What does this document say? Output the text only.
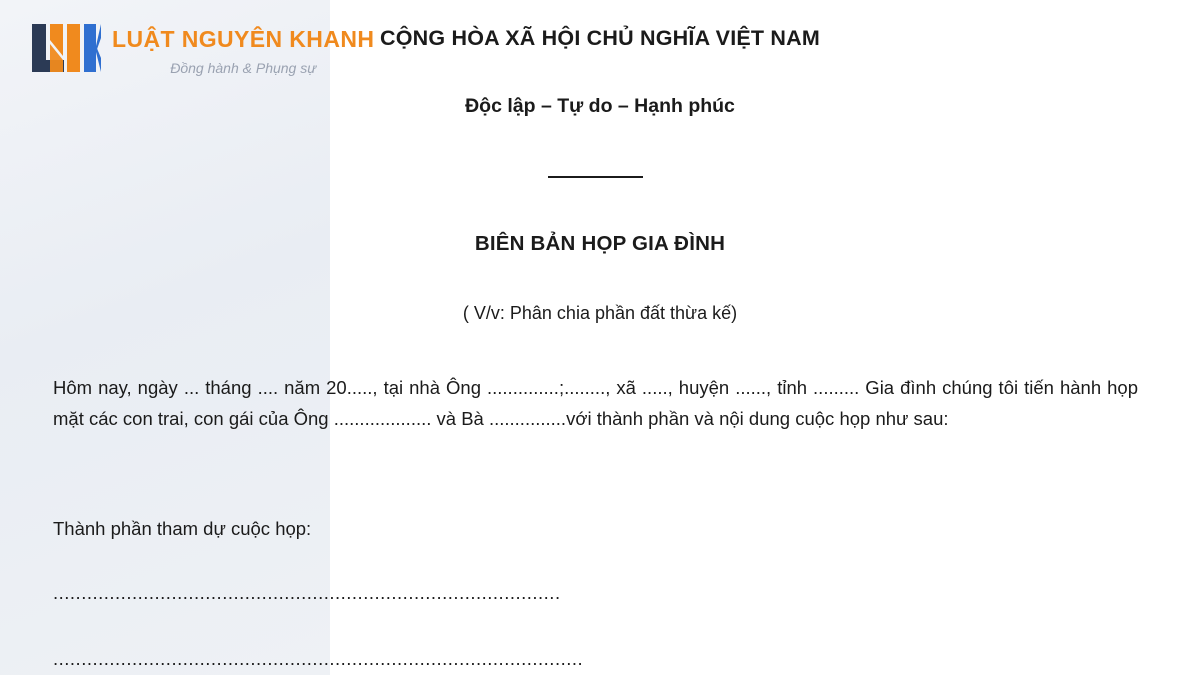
LUẬT NGUYÊN KHANH
Đồng hành & Phụng sự
CỘNG HÒA XÃ HỘI CHỦ NGHĨA VIỆT NAM
Độc lập – Tự do – Hạnh phúc
BIÊN BẢN HỌP GIA ĐÌNH
( V/v: Phân chia phần đất thừa kế)
Hôm nay, ngày ... tháng .... năm 20....., tại nhà Ông ..............;........, xã ....., huyện ......, tỉnh ......... Gia đình chúng tôi tiến hành họp mặt các con trai, con gái của Ông ................... và Bà ...............với thành phần và nội dung cuộc họp như sau:
Thành phần tham dự cuộc họp:
..........................................................................................
..............................................................................................
